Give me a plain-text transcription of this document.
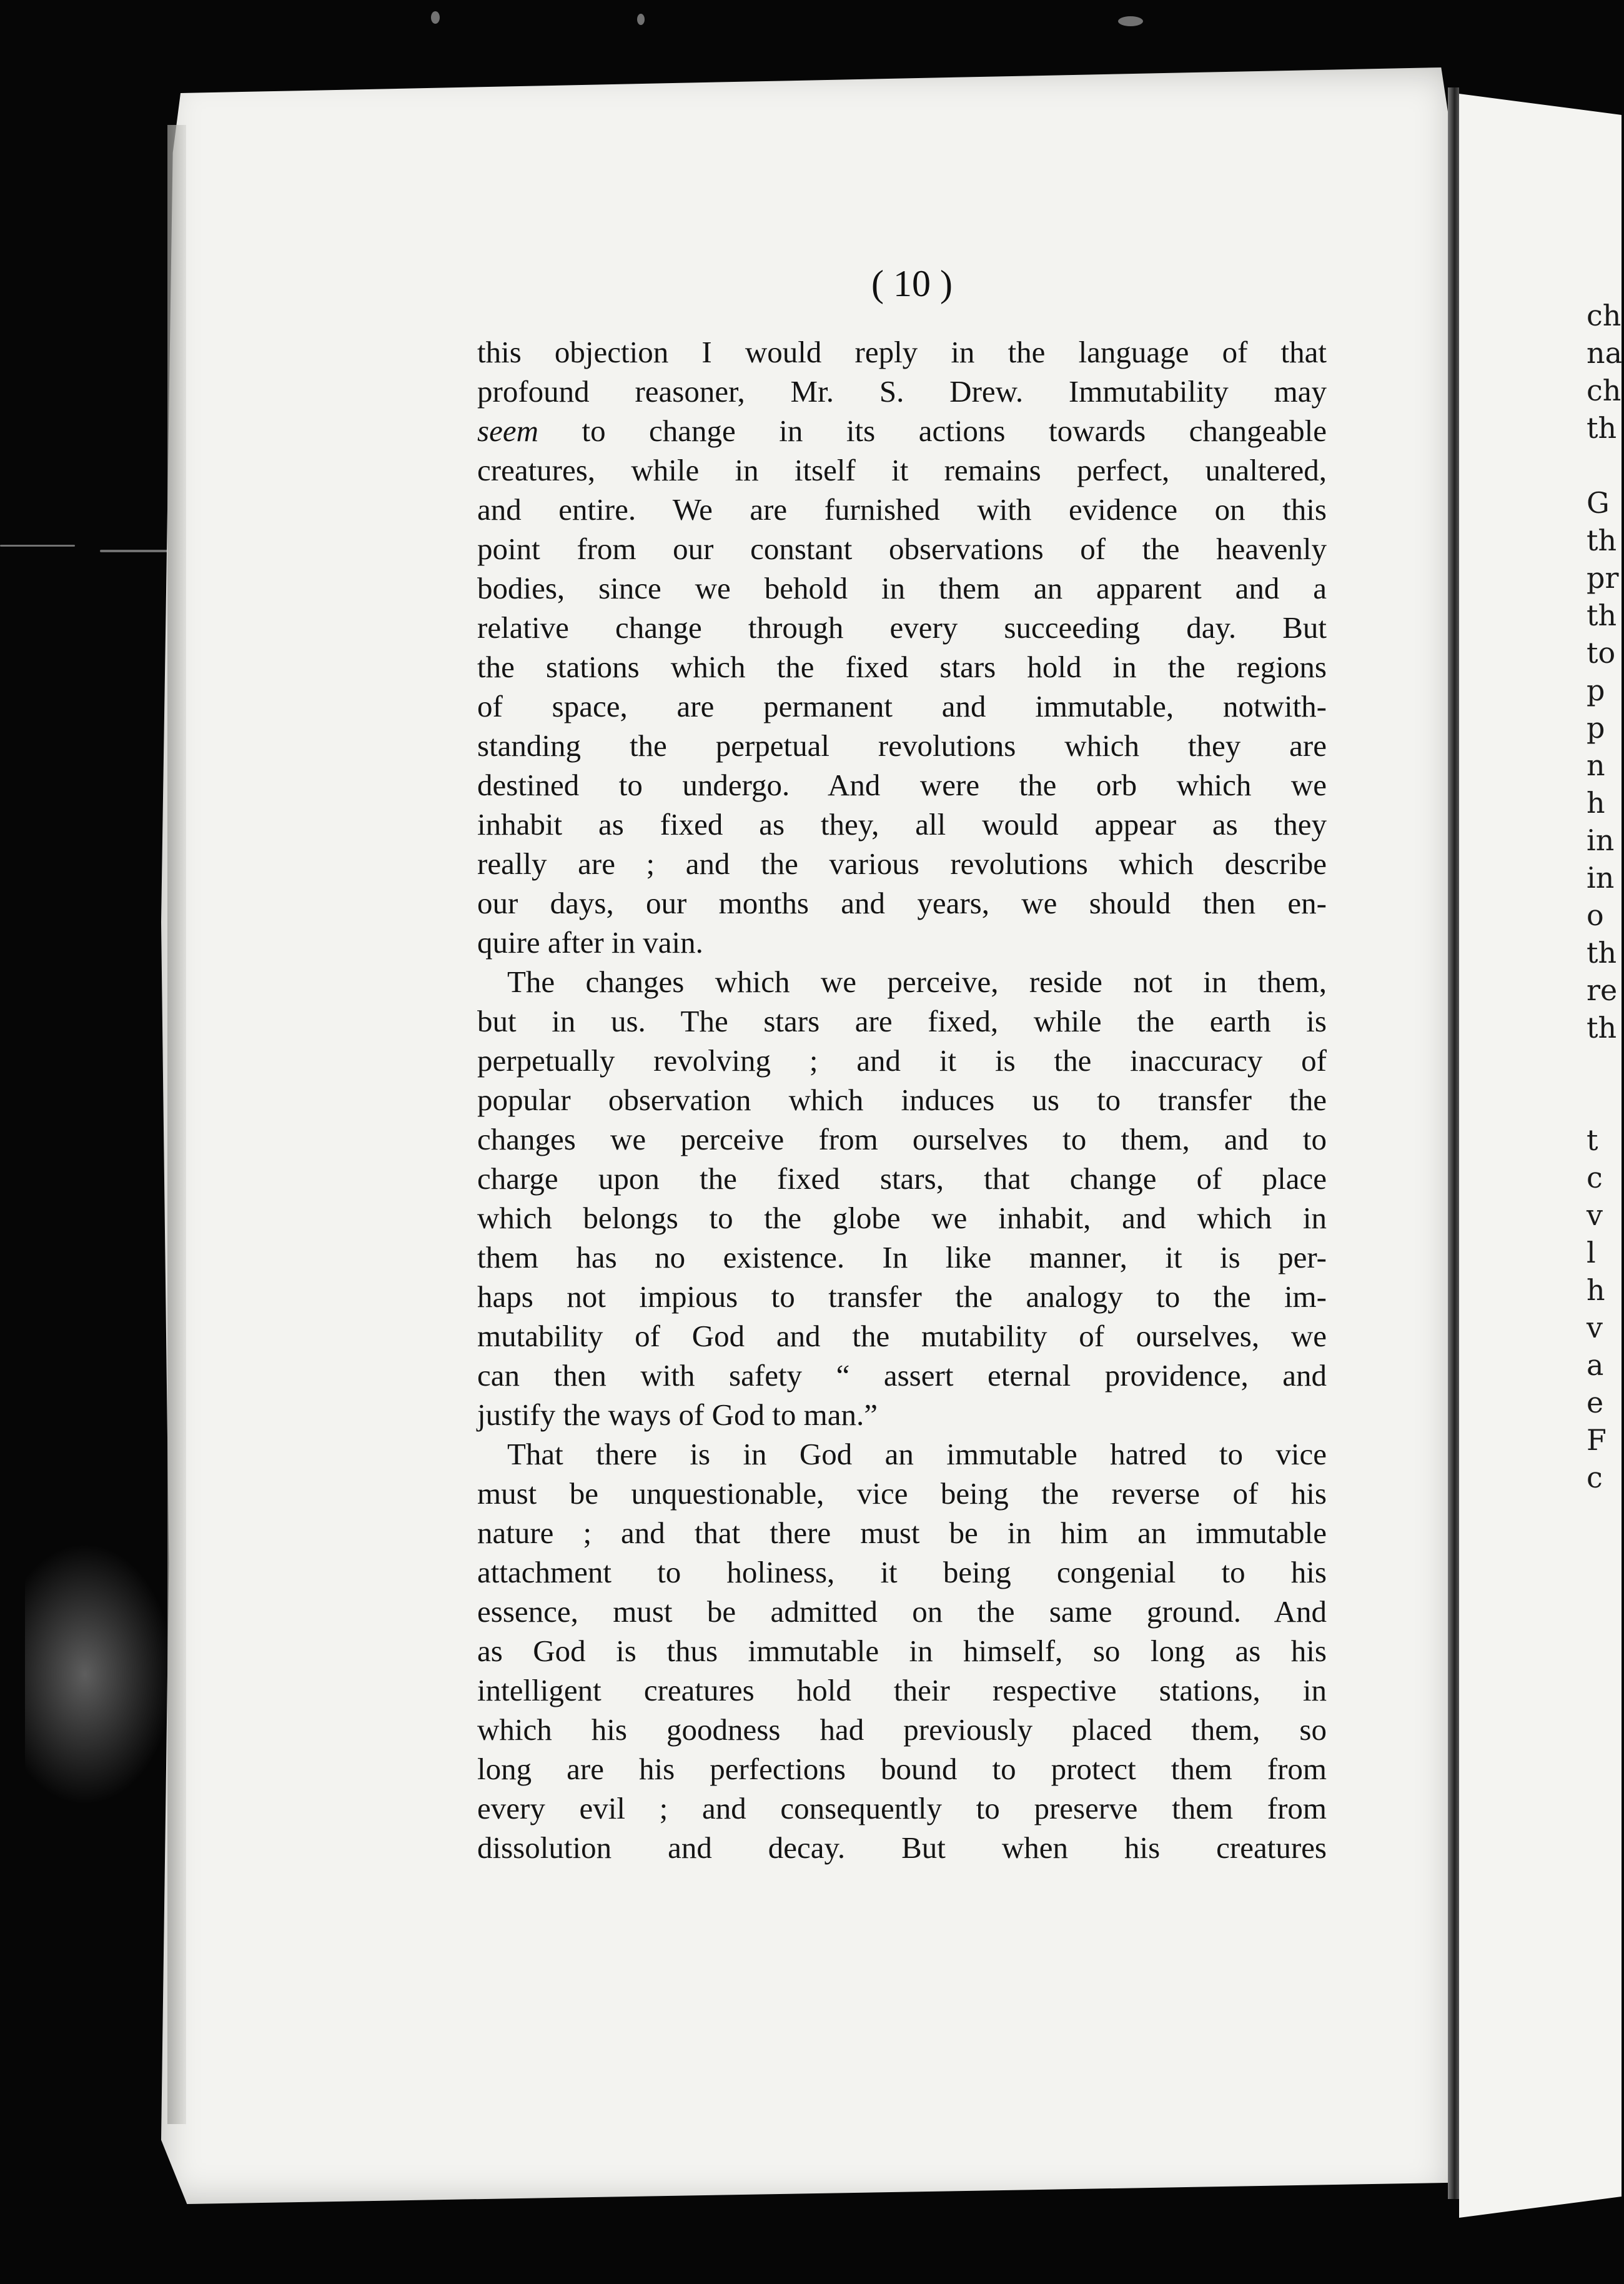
( 10 )
this objection I would reply in the language of that
profound reasoner, Mr. S. Drew. Immutability may
seem to change in its actions towards changeable
creatures, while in itself it remains perfect, unaltered,
and entire. We are furnished with evidence on this
point from our constant observations of the heavenly
bodies, since we behold in them an apparent and a
relative change through every succeeding day. But
the stations which the fixed stars hold in the regions
of space, are permanent and immutable, notwith-
standing the perpetual revolutions which they are
destined to undergo. And were the orb which we
inhabit as fixed as they, all would appear as they
really are ; and the various revolutions which describe
our days, our months and years, we should then en-
quire after in vain.
The changes which we perceive, reside not in them,
but in us. The stars are fixed, while the earth is
perpetually revolving ; and it is the inaccuracy of
popular observation which induces us to transfer the
changes we perceive from ourselves to them, and to
charge upon the fixed stars, that change of place
which belongs to the globe we inhabit, and which in
them has no existence. In like manner, it is per-
haps not impious to transfer the analogy to the im-
mutability of God and the mutability of ourselves, we
can then with safety “ assert eternal providence, and
justify the ways of God to man.”
That there is in God an immutable hatred to vice
must be unquestionable, vice being the reverse of his
nature ; and that there must be in him an immutable
attachment to holiness, it being congenial to his
essence, must be admitted on the same ground. And
as God is thus immutable in himself, so long as his
intelligent creatures hold their respective stations, in
which his goodness had previously placed them, so
long are his perfections bound to protect them from
every evil ; and consequently to preserve them from
dissolution and decay. But when his creatures
ch
na
ch
th
G
th
pr
th
to
p
p
n
h
in
in
o
th
re
th
t
c
v
l
h
v
a
e
F
c
